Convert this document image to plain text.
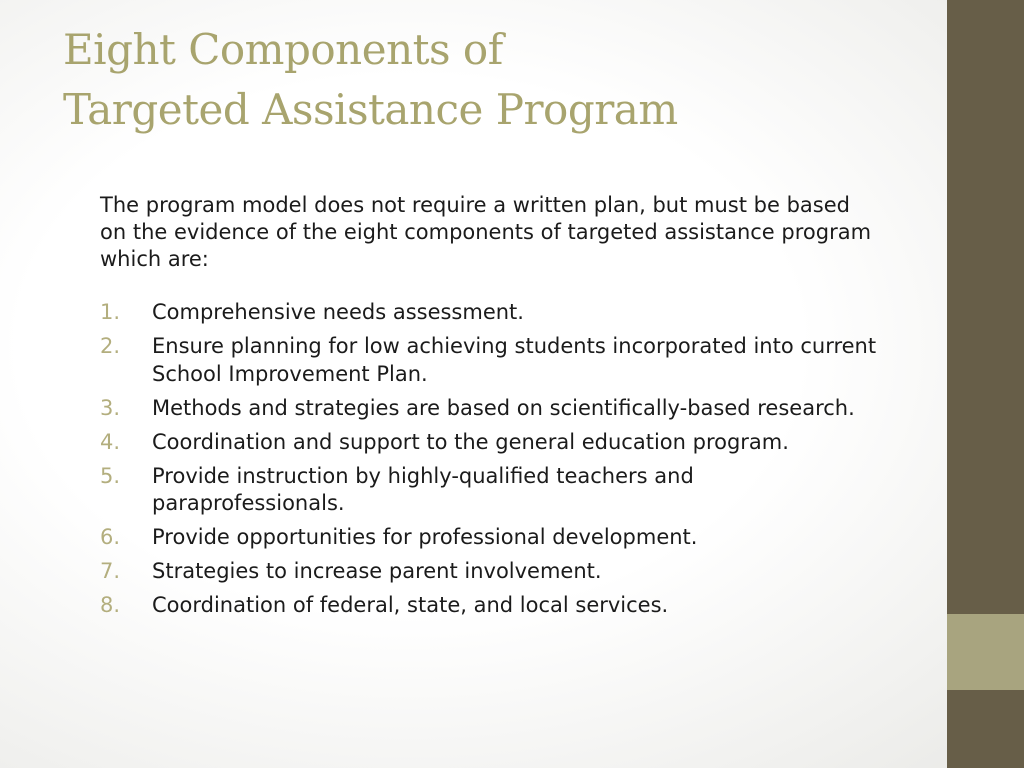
Eight Components of
Targeted Assistance Program

The program model does not require a written plan, but must be based on the evidence of the eight components of targeted assistance program which are:

1.	Comprehensive needs assessment.
2.	Ensure planning for low achieving students incorporated into current School Improvement Plan.
3.	Methods and strategies are based on scientifically-based research.
4.	Coordination and support to the general education program.
5.	Provide instruction by highly-qualified teachers and paraprofessionals.
6.	Provide opportunities for professional development.
7.	Strategies to increase parent involvement.
8.	Coordination of federal, state, and local services.
